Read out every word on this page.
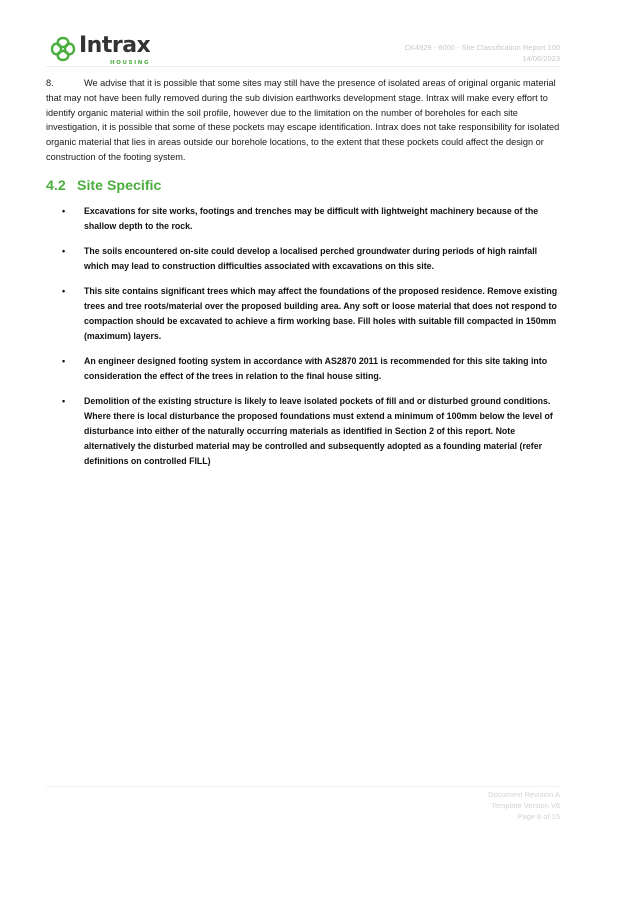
Intrax
HOUSING
CK4929 - 6000 - Site Classification Report 100
14/06/2023
8.	We advise that it is possible that some sites may still have the presence of isolated areas of original organic material that may not have been fully removed during the sub division earthworks development stage. Intrax will make every effort to identify organic material within the soil profile, however due to the limitation on the number of boreholes for each site investigation, it is possible that some of these pockets may escape identification. Intrax does not take responsibility for isolated organic material that lies in areas outside our borehole locations, to the extent that these pockets could affect the design or construction of the footing system.
4.2 Site Specific
• Excavations for site works, footings and trenches may be difficult with lightweight machinery because of the shallow depth to the rock.
• The soils encountered on-site could develop a localised perched groundwater during periods of high rainfall which may lead to construction difficulties associated with excavations on this site.
• This site contains significant trees which may affect the foundations of the proposed residence. Remove existing trees and tree roots/material over the proposed building area. Any soft or loose material that does not respond to compaction should be excavated to achieve a firm working base. Fill holes with suitable fill compacted in 150mm (maximum) layers.
• An engineer designed footing system in accordance with AS2870 2011 is recommended for this site taking into consideration the effect of the trees in relation to the final house siting.
• Demolition of the existing structure is likely to leave isolated pockets of fill and or disturbed ground conditions. Where there is local disturbance the proposed foundations must extend a minimum of 100mm below the level of disturbance into either of the naturally occurring materials as identified in Section 2 of this report. Note alternatively the disturbed material may be controlled and subsequently adopted as a founding material (refer definitions on controlled FILL)
Document Revision A
Template Version V6
Page 8 of 15
